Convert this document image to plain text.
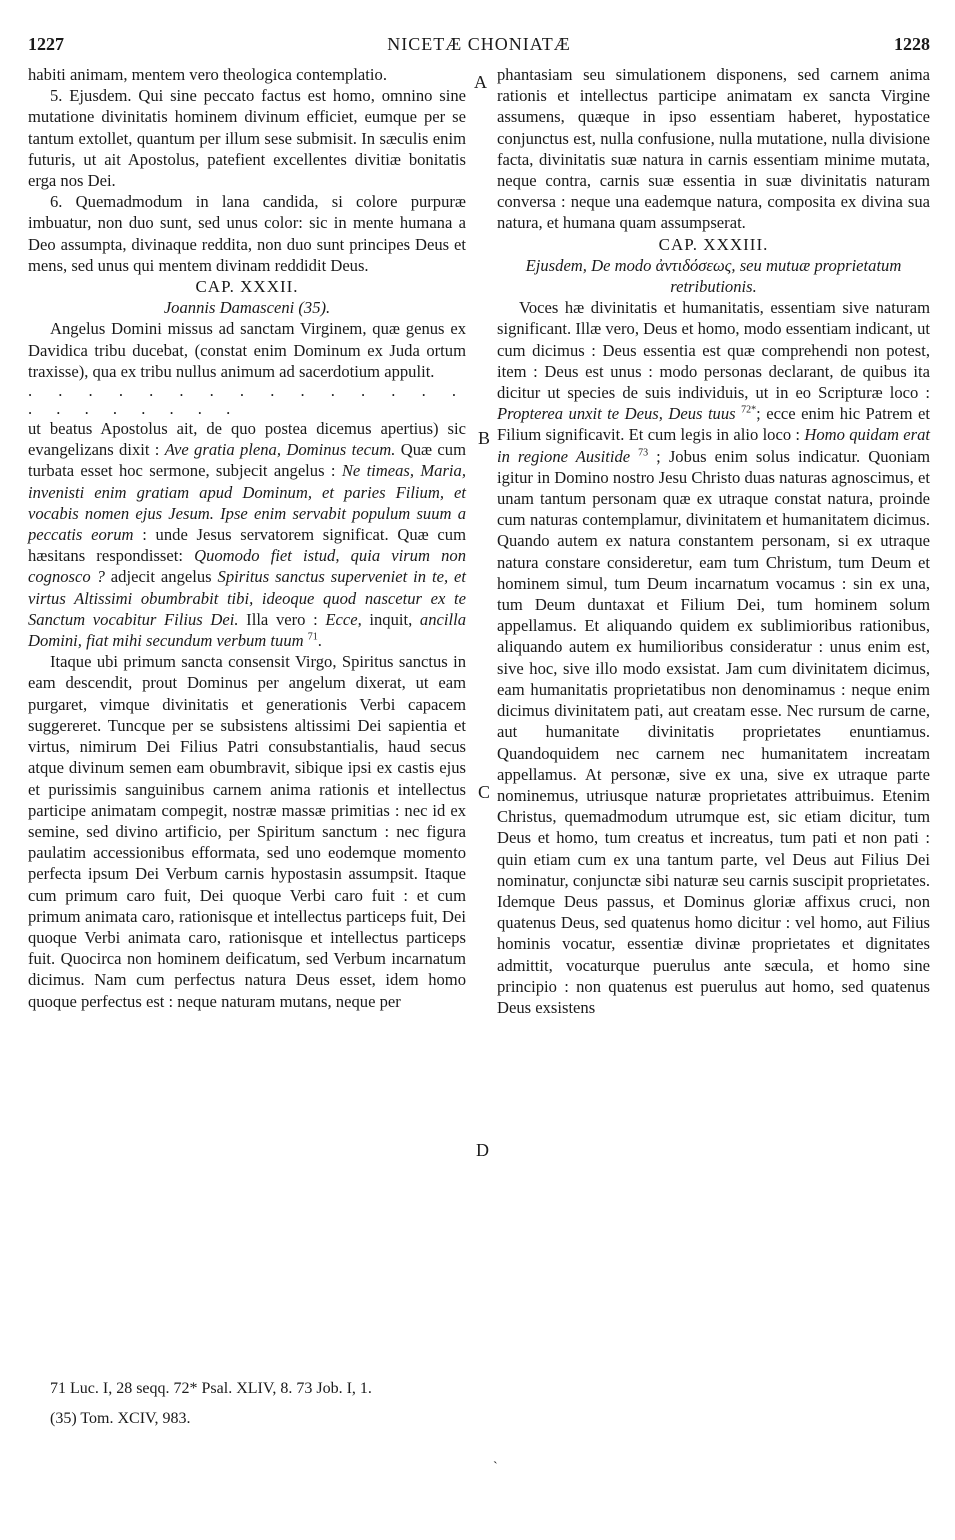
1227	NICETÆ CHONIATÆ	1228

habiti animam, mentem vero theologica contemplatio.

5. Ejusdem. Qui sine peccato factus est homo, omnino sine mutatione divinitatis hominem divinum efficiet, eumque per se tantum extollet, quantum per illum sese submisit. In sæculis enim futuris, ut ait Apostolus, patefient excellentes divitiæ bonitatis erga nos Dei.

6. Quemadmodum in lana candida, si colore purpuræ imbuatur, non duo sunt, sed unus color: sic in mente humana a Deo assumpta, divinaque reddita, non duo sunt principes Deus et mens, sed unus qui mentem divinam reddidit Deus.

CAP. XXXII.

Joannis Damasceni (35).

Angelus Domini missus ad sanctam Virginem, quæ genus ex Davidica tribu ducebat, (constat enim Dominum ex Juda ortum traxisse), qua ex tribu nullus animum ad sacerdotium appulit.

. . . . . . . . . . . . . . . . . . . . . . .

ut beatus Apostolus ait, de quo postea dicemus apertius) sic evangelizans dixit : Ave gratia plena, Dominus tecum. Quæ cum turbata esset hoc sermone, subjecit angelus : Ne timeas, Maria, invenisti enim gratiam apud Dominum, et paries Filium, et vocabis nomen ejus Jesum. Ipse enim servabit populum suum a peccatis eorum : unde Jesus servatorem significat. Quæ cum hæsitans respondisset: Quomodo fiet istud, quia virum non cognosco ? adjecit angelus Spiritus sanctus superveniet in te, et virtus Altissimi obumbrabit tibi, ideoque quod nascetur ex te Sanctum vocabitur Filius Dei. Illa vero : Ecce, inquit, ancilla Domini, fiat mihi secundum verbum tuum $^{71}$.

Itaque ubi primum sancta consensit Virgo, Spiritus sanctus in eam descendit, prout Dominus per angelum dixerat, ut eam purgaret, vimque divinitatis et generationis Verbi capacem suggereret. Tuncque per se subsistens altissimi Dei sapientia et virtus, nimirum Dei Filius Patri consubstantialis, haud secus atque divinum semen eam obumbravit, sibique ipsi ex castis ejus et purissimis sanguinibus carnem anima rationis et intellectus participe animatam compegit, nostræ massæ primitias : nec id ex semine, sed divino artificio, per Spiritum sanctum : nec figura paulatim accessionibus efformata, sed uno eodemque momento perfecta ipsum Dei Verbum carnis hypostasin assumpsit. Itaque cum primum caro fuit, Dei quoque Verbi caro fuit : et cum primum animata caro, rationisque et intellectus particeps fuit, Dei quoque Verbi animata caro, rationisque et intellectus particeps fuit. Quocirca non hominem deificatum, sed Verbum incarnatum dicimus. Nam cum perfectus natura Deus esset, idem homo quoque perfectus est : neque naturam mutans, neque per

phantasiam seu simulationem disponens, sed carnem anima rationis et intellectus participe animatam ex sancta Virgine assumens, quæque in ipso essentiam haberet, hypostatice conjunctus est, nulla confusione, nulla mutatione, nulla divisione facta, divinitatis suæ natura in carnis essentiam minime mutata, neque contra, carnis suæ essentia in suæ divinitatis naturam conversa : neque una eademque natura, composita ex divina sua natura, et humana quam assumpserat.

CAP. XXXIII.

Ejusdem, De modo ἀντιδόσεως, seu mutuæ proprietatum retributionis.

Voces hæ divinitatis et humanitatis, essentiam sive naturam significant. Illæ vero, Deus et homo, modo essentiam indicant, ut cum dicimus : Deus essentia est quæ comprehendi non potest, item : Deus est unus : modo personas declarant, de quibus ita dicitur ut species de suis individuis, ut in eo Scripturæ loco : Propterea unxit te Deus, Deus tuus $^{72*}$; ecce enim hic Patrem et Filium significavit. Et cum legis in alio loco : Homo quidam erat in regione Ausitide $^{73}$ ; Jobus enim solus indicatur. Quoniam igitur in Domino nostro Jesu Christo duas naturas agnoscimus, et unam tantum personam quæ ex utraque constat natura, proinde cum naturas contemplamur, divinitatem et humanitatem dicimus. Quando autem ex natura constantem personam, si ex utraque natura constare consideretur, eam tum Christum, tum Deum et hominem simul, tum Deum incarnatum vocamus : sin ex una, tum Deum duntaxat et Filium Dei, tum hominem solum appellamus. Et aliquando quidem ex sublimioribus rationibus, aliquando autem ex humilioribus consideratur : unus enim est, sive hoc, sive illo modo exsistat. Jam cum divinitatem dicimus, eam humanitatis proprietatibus non denominamus : neque enim dicimus divinitatem pati, aut creatam esse. Nec rursum de carne, aut humanitate divinitatis proprietates enuntiamus. Quandoquidem nec carnem nec humanitatem increatam appellamus. At personæ, sive ex una, sive ex utraque parte nominemus, utriusque naturæ proprietates attribuimus. Etenim Christus, quemadmodum utrumque est, sic etiam dicitur, tum Deus et homo, tum creatus et increatus, tum pati et non pati : quin etiam cum ex una tantum parte, vel Deus aut Filius Dei nominatur, conjunctæ sibi naturæ seu carnis suscipit proprietates. Idemque Deus passus, et Dominus gloriæ affixus cruci, non quatenus Deus, sed quatenus homo dicitur : vel homo, aut Filius hominis vocatur, essentiæ divinæ proprietates et dignitates admittit, vocaturque puerulus ante sæcula, et homo sine principio : non quatenus est puerulus aut homo, sed quatenus Deus exsistens

A
B
C
D
71 Luc. I, 28 seqq. 72* Psal. XLIV, 8. 73 Job. I, 1.
(35) Tom. XCIV, 983.
`
